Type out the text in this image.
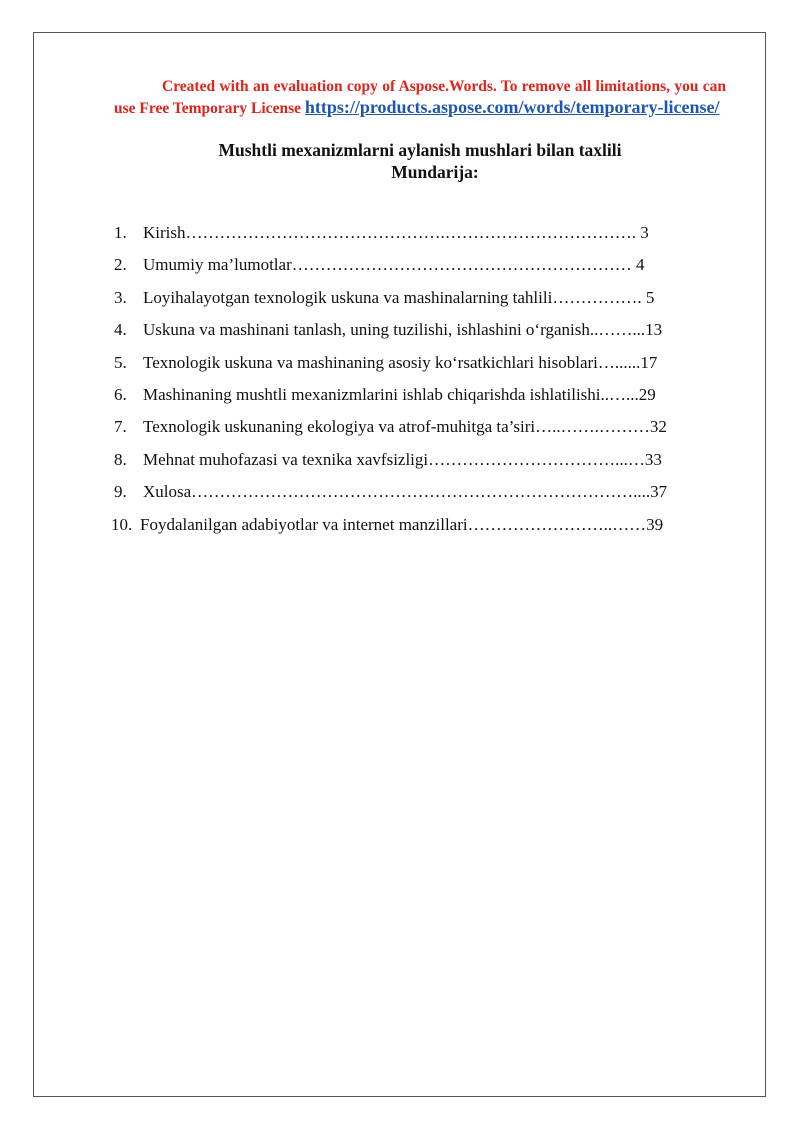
Created with an evaluation copy of Aspose.Words. To remove all limitations, you can use Free Temporary License https://products.aspose.com/words/temporary-license/
Mushtli mexanizmlarni aylanish mushlari bilan taxlili
Mundarija:
1. Kirish……………………………………….……………………………. 3
2. Umumiy ma’lumotlar…………………………………………………… 4
3. Loyihalayotgan texnologik uskuna va mashinalarning tahlili……………. 5
4. Uskuna va mashinani tanlash, uning tuzilishi, ishlashini o‘rganish..……...13
5. Texnologik uskuna va mashinaning asosiy ko‘rsatkichlari hisoblari…......17
6. Mashinaning mushtli mexanizmlarini ishlab chiqarishda ishlatilishi..…...29
7. Texnologik uskunaning ekologiya va atrof-muhitga ta’siri…..…….………32
8. Mehnat muhofazasi va texnika xavfsizligi……………………………...…33
9. Xulosa……………………………………………………………………....37
10. Foydalanilgan adabiyotlar va internet manzillari……………………..……39
